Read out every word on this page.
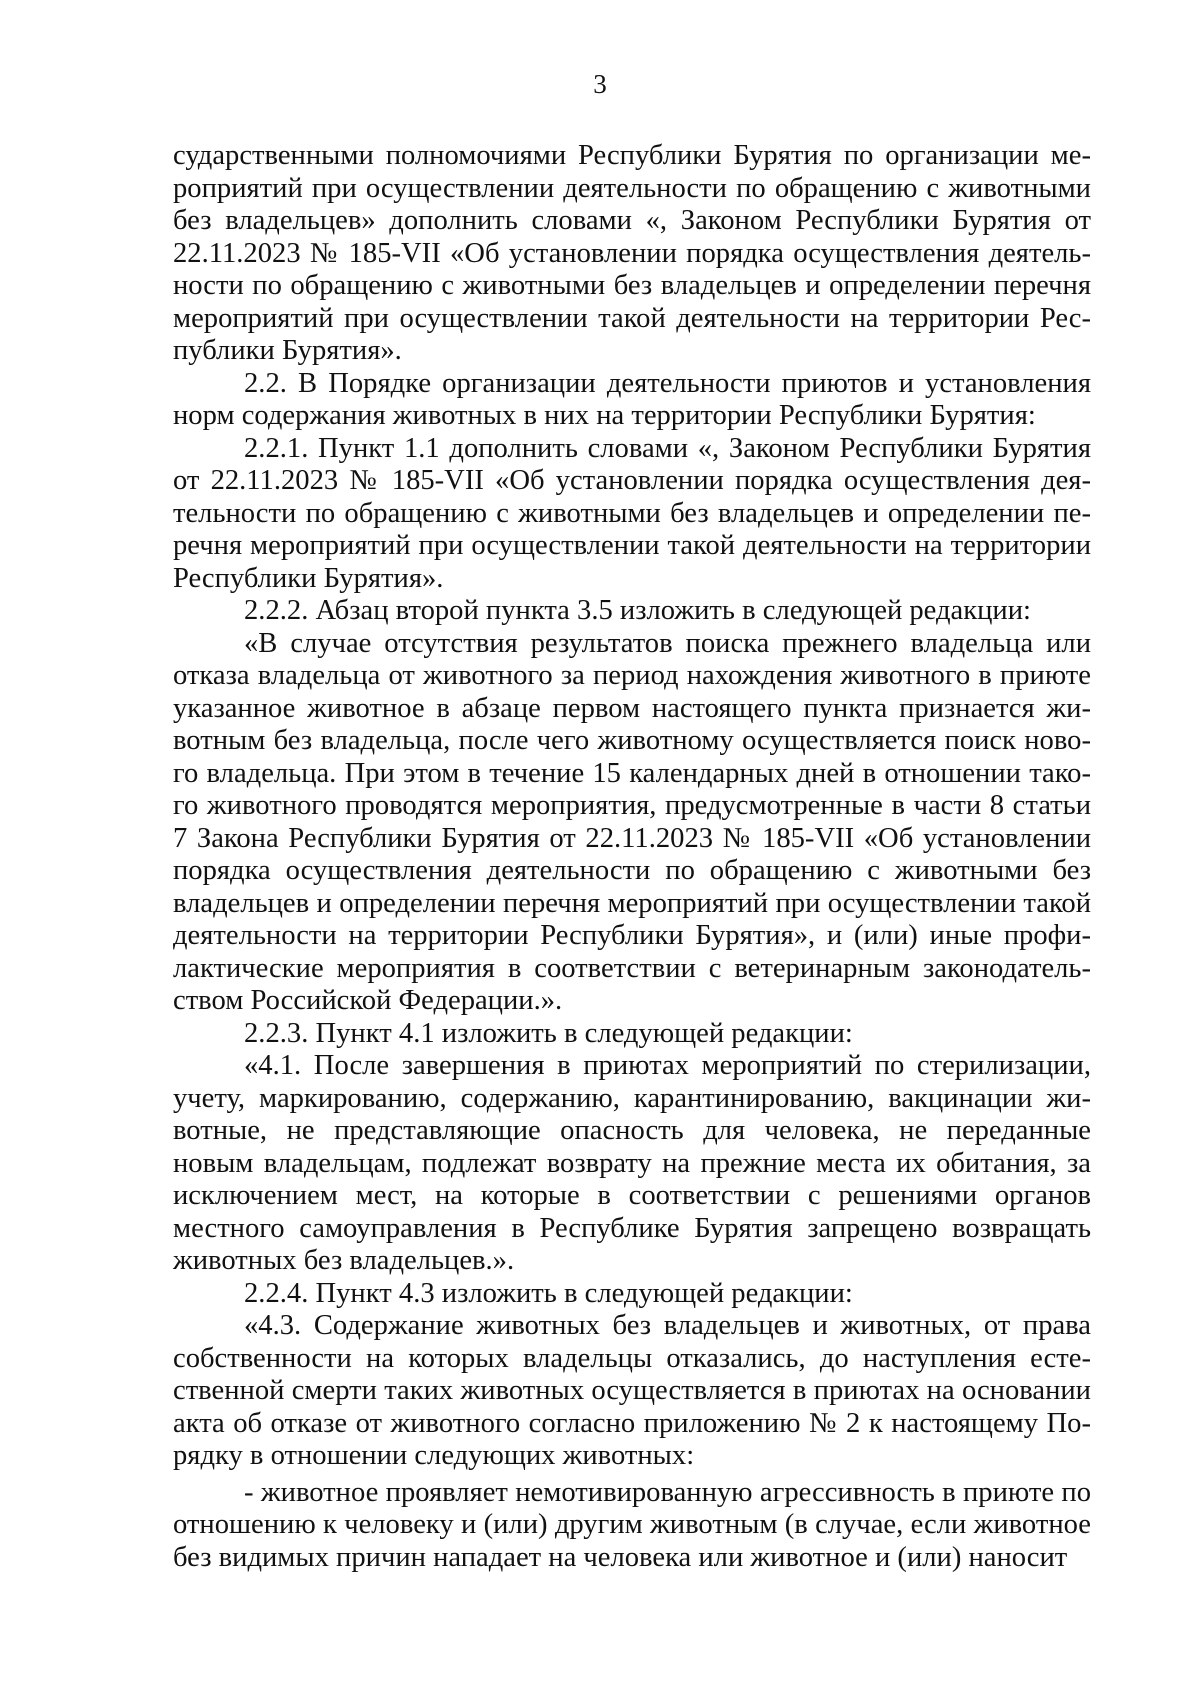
3

сударственными полномочиями Республики Бурятия по организации мероприятий при осуществлении деятельности по обращению с животными без владельцев» дополнить словами «, Законом Республики Бурятия от 22.11.2023 № 185-VII «Об установлении порядка осуществления деятельности по обращению с животными без владельцев и определении перечня мероприятий при осуществлении такой деятельности на территории Республики Бурятия».

2.2. В Порядке организации деятельности приютов и установления норм содержания животных в них на территории Республики Бурятия:

2.2.1. Пункт 1.1 дополнить словами «, Законом Республики Бурятия от 22.11.2023 № 185-VII «Об установлении порядка осуществления деятельности по обращению с животными без владельцев и определении перечня мероприятий при осуществлении такой деятельности на территории Республики Бурятия».

2.2.2. Абзац второй пункта 3.5 изложить в следующей редакции:

«В случае отсутствия результатов поиска прежнего владельца или отказа владельца от животного за период нахождения животного в приюте указанное животное в абзаце первом настоящего пункта признается животным без владельца, после чего животному осуществляется поиск нового владельца. При этом в течение 15 календарных дней в отношении такого животного проводятся мероприятия, предусмотренные в части 8 статьи 7 Закона Республики Бурятия от 22.11.2023 № 185-VII «Об установлении порядка осуществления деятельности по обращению с животными без владельцев и определении перечня мероприятий при осуществлении такой деятельности на территории Республики Бурятия», и (или) иные профилактические мероприятия в соответствии с ветеринарным законодательством Российской Федерации.».

2.2.3. Пункт 4.1 изложить в следующей редакции:

«4.1. После завершения в приютах мероприятий по стерилизации, учету, маркированию, содержанию, карантинированию, вакцинации животные, не представляющие опасность для человека, не переданные новым владельцам, подлежат возврату на прежние места их обитания, за исключением мест, на которые в соответствии с решениями органов местного самоуправления в Республике Бурятия запрещено возвращать животных без владельцев.».

2.2.4. Пункт 4.3 изложить в следующей редакции:

«4.3. Содержание животных без владельцев и животных, от права собственности на которых владельцы отказались, до наступления естественной смерти таких животных осуществляется в приютах на основании акта об отказе от животного согласно приложению № 2 к настоящему Порядку в отношении следующих животных:

- животное проявляет немотивированную агрессивность в приюте по отношению к человеку и (или) другим животным (в случае, если животное без видимых причин нападает на человека или животное и (или) наносит
